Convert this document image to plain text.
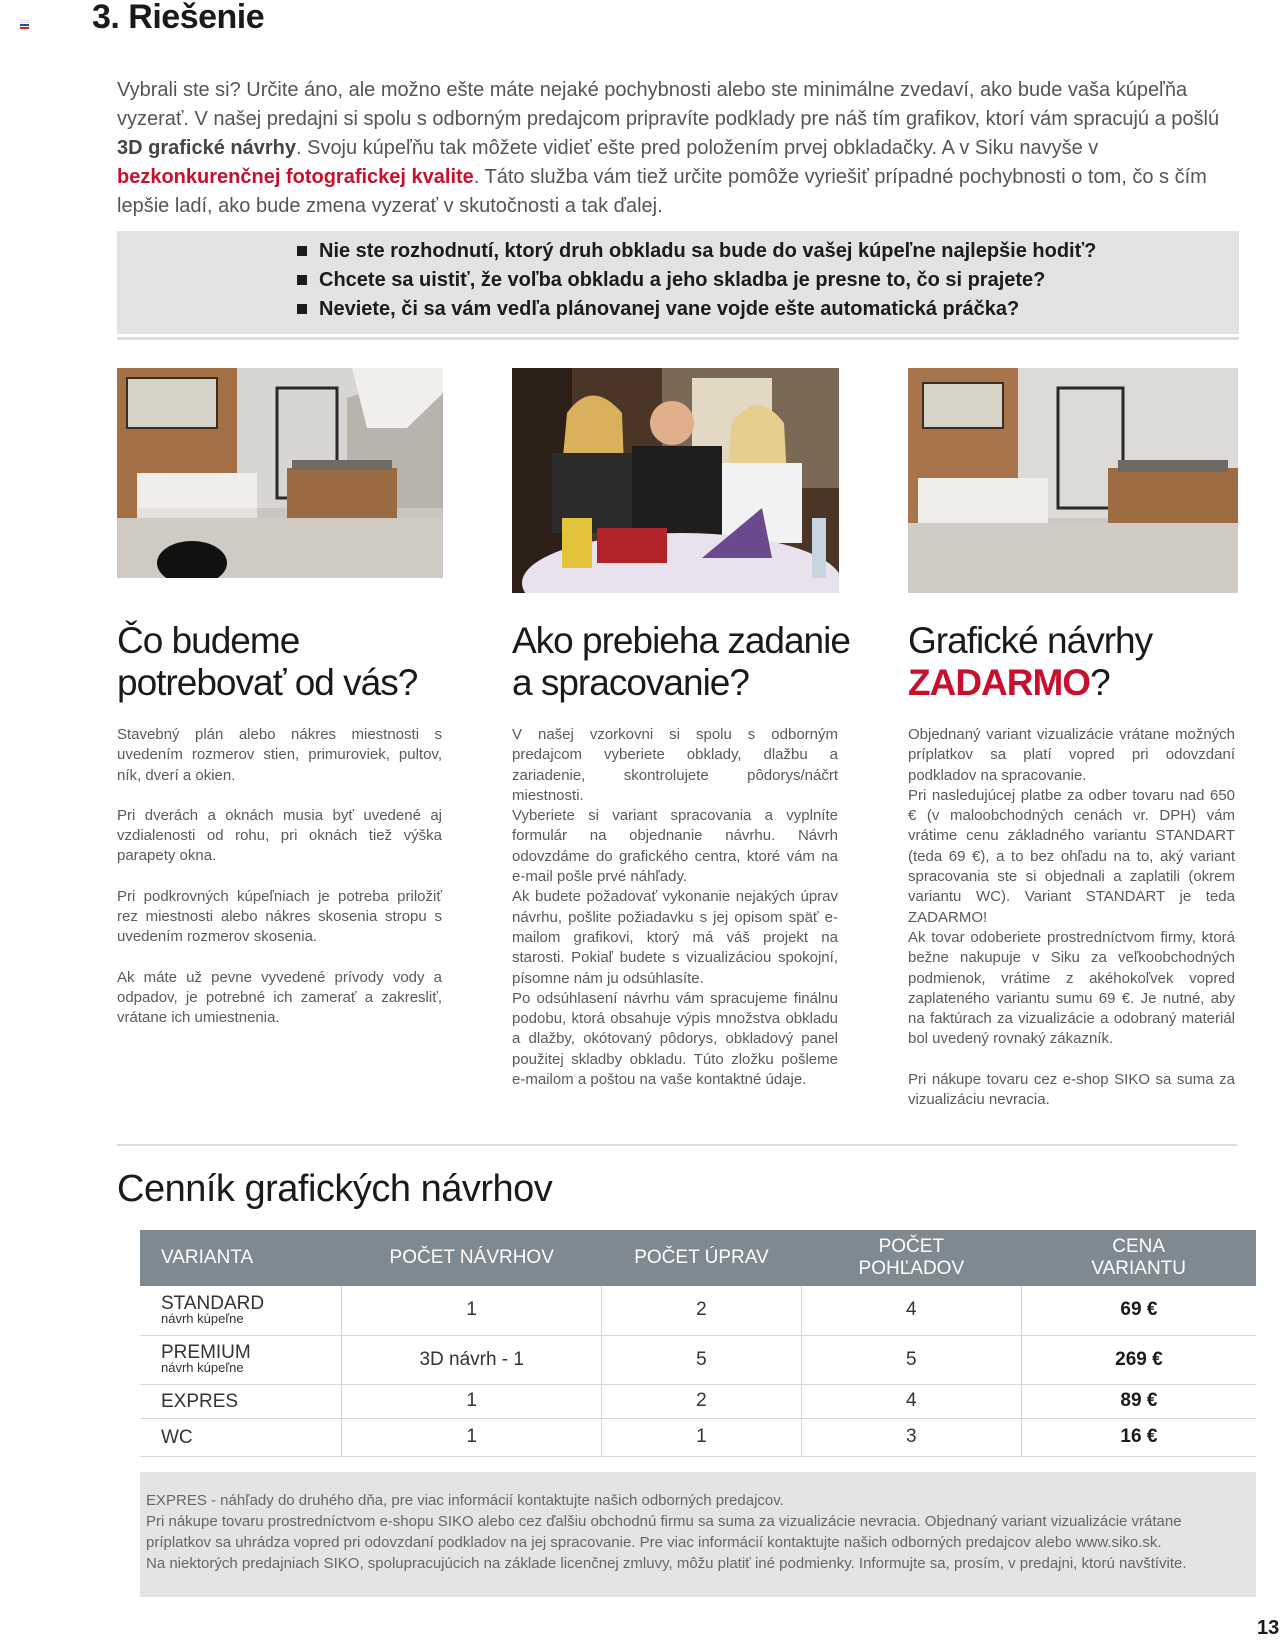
3. Riešenie

Vybrali ste si? Určite áno, ale možno ešte máte nejaké pochybnosti alebo ste minimálne zvedaví, ako bude vaša kúpeľňa vyzerať. V našej predajni si spolu s odborným predajcom pripravíte podklady pre náš tím grafikov, ktorí vám spracujú a pošlú 3D grafické návrhy. Svoju kúpeľňu tak môžete vidieť ešte pred položením prvej obkladačky. A v Siku navyše v bezkonkurenčnej fotografickej kvalite. Táto služba vám tiež určite pomôže vyriešiť prípadné pochybnosti o tom, čo s čím lepšie ladí, ako bude zmena vyzerať v skutočnosti a tak ďalej.

Nie ste rozhodnutí, ktorý druh obkladu sa bude do vašej kúpeľne najlepšie hodiť?
Chcete sa uistiť, že voľba obkladu a jeho skladba je presne to, čo si prajete?
Neviete, či sa vám vedľa plánovanej vane vojde ešte automatická práčka?
Čo budeme
potrebovať od vás?
Ako prebieha zadanie
a spracovanie?
Grafické návrhy
ZADARMO?

Stavebný plán alebo nákres miestnosti s uvedením rozmerov stien, primuroviek, pultov, ník, dverí a okien.

Pri dverách a oknách musia byť uvedené aj vzdialenosti od rohu, pri oknách tiež výška parapety okna.

Pri podkrovných kúpeľniach je potreba priložiť rez miestnosti alebo nákres skosenia stropu s uvedením rozmerov skosenia.

Ak máte už pevne vyvedené prívody vody a odpadov, je potrebné ich zamerať a zakresliť, vrátane ich umiestnenia.

V našej vzorkovni si spolu s odborným predajcom vyberiete obklady, dlažbu a zariadenie, skontrolujete pôdorys/náčrt miestnosti.

Vyberiete si variant spracovania a vyplníte formulár na objednanie návrhu. Návrh odovzdáme do grafického centra, ktoré vám na e-mail pošle prvé náhľady.

Ak budete požadovať vykonanie nejakých úprav návrhu, pošlite požiadavku s jej opisom späť e-mailom grafikovi, ktorý má váš projekt na starosti. Pokiaľ budete s vizualizáciou spokojní, písomne nám ju odsúhlasíte.

Po odsúhlasení návrhu vám spracujeme finálnu podobu, ktorá obsahuje výpis množstva obkladu a dlažby, okótovaný pôdorys, obkladový panel použitej skladby obkladu. Túto zložku pošleme e-mailom a poštou na vaše kontaktné údaje.

Objednaný variant vizualizácie vrátane možných príplatkov sa platí vopred pri odovzdaní podkladov na spracovanie.

Pri nasledujúcej platbe za odber tovaru nad 650 € (v maloobchodných cenách vr. DPH) vám vrátime cenu základného variantu STANDART (teda 69 €), a to bez ohľadu na to, aký variant spracovania ste si objednali a zaplatili (okrem variantu WC). Variant STANDART je teda ZADARMO!

Ak tovar odoberiete prostredníctvom firmy, ktorá bežne nakupuje v Siku za veľkoobchodných podmienok, vrátime z akéhokoľvek vopred zaplateného variantu sumu 69 €. Je nutné, aby na faktúrach za vizualizácie a odobraný materiál bol uvedený rovnaký zákazník.

Pri nákupe tovaru cez e-shop SIKO sa suma za vizualizáciu nevracia.

Cenník grafických návrhov
VARIANTA	POČET NÁVRHOV	POČET ÚPRAV	POČET POHĽADOV	CENA VARIANTU
STANDARD
návrh kúpeľne	1	2	4	69 €
PREMIUM
návrh kúpeľne	3D návrh - 1	5	5	269 €
EXPRES	1	2	4	89 €
WC	1	1	3	16 €

EXPRES - náhľady do druhého dňa, pre viac informácií kontaktujte našich odborných predajcov.

Pri nákupe tovaru prostredníctvom e-shopu SIKO alebo cez ďalšiu obchodnú firmu sa suma za vizualizácie nevracia. Objednaný variant vizualizácie vrátane príplatkov sa uhrádza vopred pri odovzdaní podkladov na jej spracovanie. Pre viac informácií kontaktujte našich odborných predajcov alebo www.siko.sk.

Na niektorých predajniach SIKO, spolupracujúcich na základe licenčnej zmluvy, môžu platiť iné podmienky. Informujte sa, prosím, v predajni, ktorú navštívite.

13
